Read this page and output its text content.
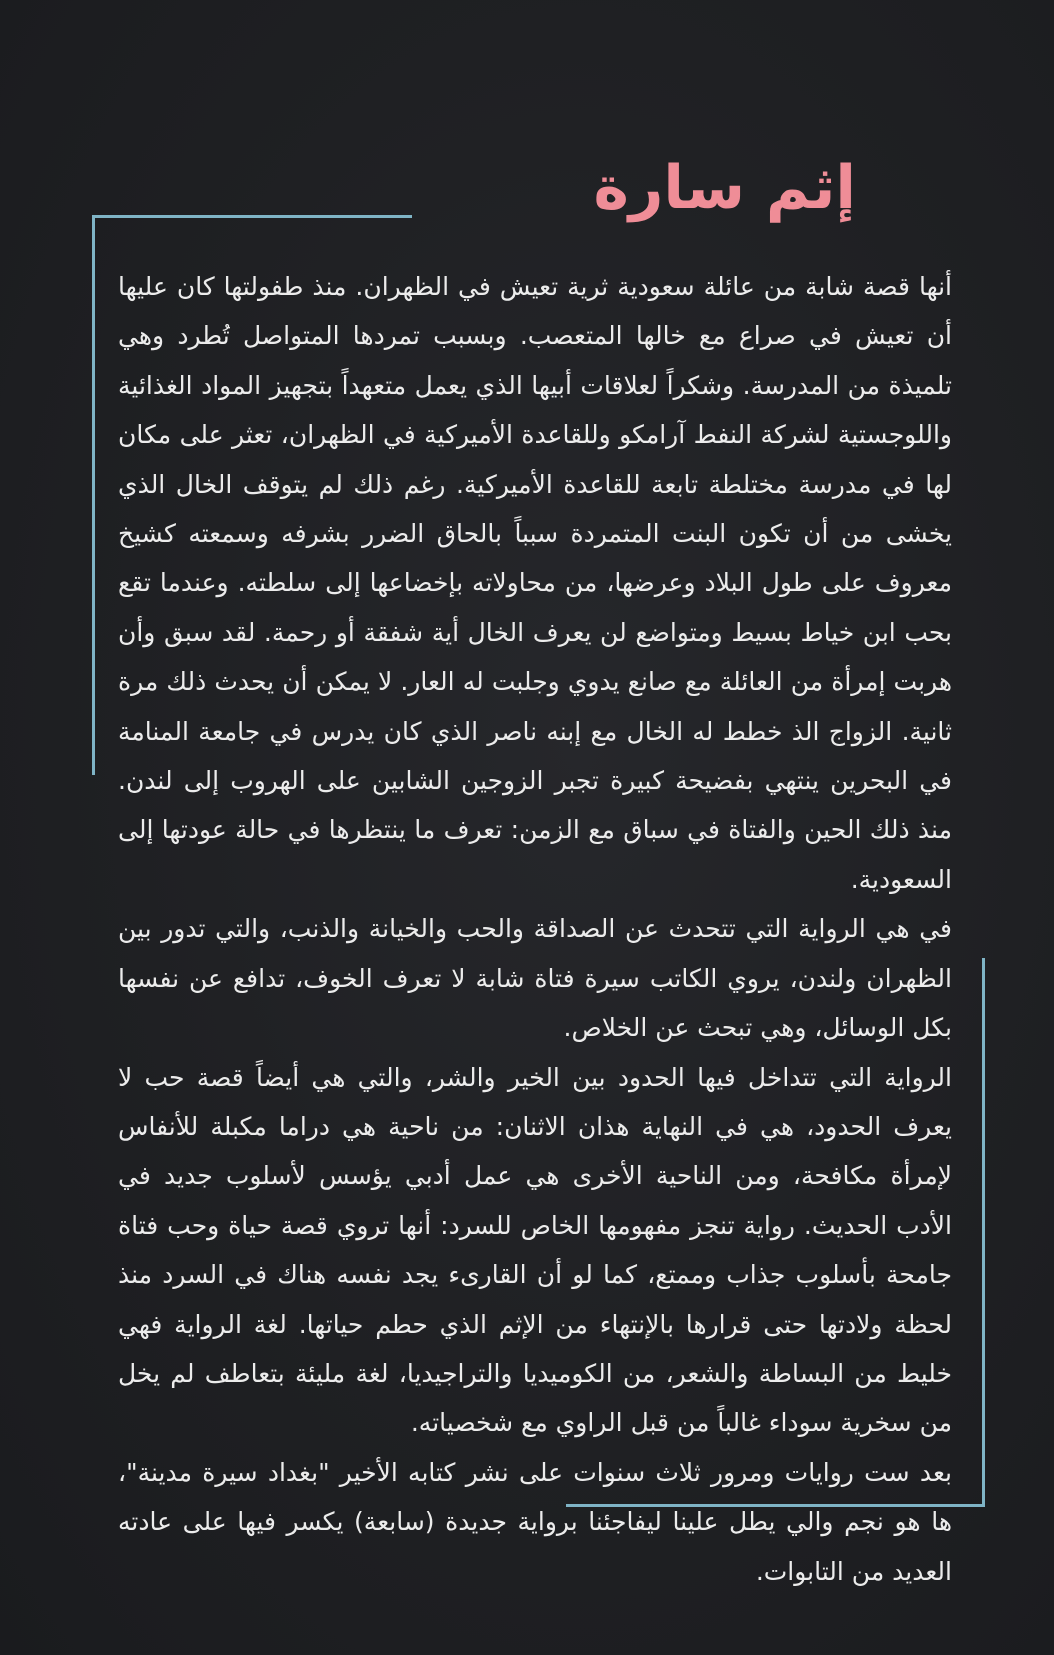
إثم سارة

أنها قصة شابة من عائلة سعودية ثرية تعيش في الظهران. منذ طفولتها كان عليها أن تعيش في صراع مع خالها المتعصب. وبسبب تمردها المتواصل تُطرد وهي تلميذة من المدرسة. وشكراً لعلاقات أبيها الذي يعمل متعهداً بتجهيز المواد الغذائية واللوجستية لشركة النفط آرامكو وللقاعدة الأميركية في الظهران، تعثر على مكان لها في مدرسة مختلطة تابعة للقاعدة الأميركية. رغم ذلك لم يتوقف الخال الذي يخشى من أن تكون البنت المتمردة سبباً بالحاق الضرر بشرفه وسمعته كشيخ معروف على طول البلاد وعرضها، من محاولاته بإخضاعها إلى سلطته. وعندما تقع بحب ابن خياط بسيط ومتواضع لن يعرف الخال أية شفقة أو رحمة. لقد سبق وأن هربت إمرأة من العائلة مع صانع يدوي وجلبت له العار. لا يمكن أن يحدث ذلك مرة ثانية. الزواج الذ خطط له الخال مع إبنه ناصر الذي كان يدرس في جامعة المنامة في البحرين ينتهي بفضيحة كبيرة تجبر الزوجين الشابين على الهروب إلى لندن. منذ ذلك الحين والفتاة في سباق مع الزمن: تعرف ما ينتظرها في حالة عودتها إلى السعودية.

في هي الرواية التي تتحدث عن الصداقة والحب والخيانة والذنب، والتي تدور بين الظهران ولندن، يروي الكاتب سيرة فتاة شابة لا تعرف الخوف، تدافع عن نفسها بكل الوسائل، وهي تبحث عن الخلاص.

الرواية التي تتداخل فيها الحدود بين الخير والشر، والتي هي أيضاً قصة حب لا يعرف الحدود، هي في النهاية هذان الاثنان: من ناحية هي دراما مكبلة للأنفاس لإمرأة مكافحة، ومن الناحية الأخرى هي عمل أدبي يؤسس لأسلوب جديد في الأدب الحديث. رواية تنجز مفهومها الخاص للسرد: أنها تروي قصة حياة وحب فتاة جامحة بأسلوب جذاب وممتع، كما لو أن القارىء يجد نفسه هناك في السرد منذ لحظة ولادتها حتى قرارها بالإنتهاء من الإثم الذي حطم حياتها. لغة الرواية فهي خليط من البساطة والشعر، من الكوميديا والتراجيديا، لغة مليئة بتعاطف لم يخل من سخرية سوداء غالباً من قبل الراوي مع شخصياته.

بعد ست روايات ومرور ثلاث سنوات على نشر كتابه الأخير "بغداد سيرة مدينة"، ها هو نجم والي يطل علينا ليفاجئنا برواية جديدة (سابعة) يكسر فيها على عادته العديد من التابوات.
